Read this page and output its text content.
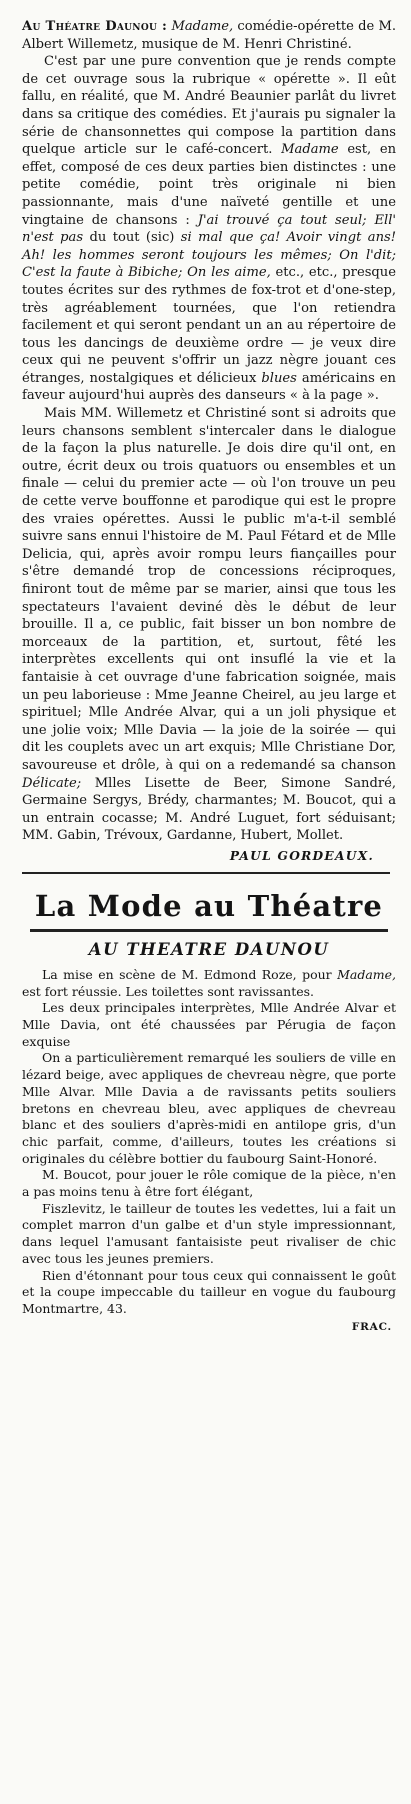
Au Théatre Daunou : Madame, comédie-opérette de M. Albert Willemetz, musique de M. Henri Christiné.

C'est par une pure convention que je rends compte de cet ouvrage sous la rubrique « opérette ». Il eût fallu, en réalité, que M. André Beaunier parlât du livret dans sa critique des comédies. Et j'aurais pu signaler la série de chansonnettes qui compose la partition dans quelque article sur le café-concert. Madame est, en effet, composé de ces deux parties bien distinctes : une petite comédie, point très originale ni bien passionnante, mais d'une naïveté gentille et une vingtaine de chansons : J'ai trouvé ça tout seul; Ell' n'est pas du tout (sic) si mal que ça! Avoir vingt ans! Ah! les hommes seront toujours les mêmes; On l'dit; C'est la faute à Bibiche; On les aime, etc., etc., presque toutes écrites sur des rythmes de fox-trot et d'one-step, très agréablement tournées, que l'on retiendra facilement et qui seront pendant un an au répertoire de tous les dancings de deuxième ordre — je veux dire ceux qui ne peuvent s'offrir un jazz nègre jouant ces étranges, nostalgiques et délicieux blues américains en faveur aujourd'hui auprès des danseurs « à la page ».

Mais MM. Willemetz et Christiné sont si adroits que leurs chansons semblent s'intercaler dans le dialogue de la façon la plus naturelle. Je dois dire qu'il ont, en outre, écrit deux ou trois quatuors ou ensembles et un finale — celui du premier acte — où l'on trouve un peu de cette verve bouffonne et parodique qui est le propre des vraies opérettes. Aussi le public m'a-t-il semblé suivre sans ennui l'histoire de M. Paul Fétard et de Mlle Delicia, qui, après avoir rompu leurs fiançailles pour s'être demandé trop de concessions réciproques, finiront tout de même par se marier, ainsi que tous les spectateurs l'avaient deviné dès le début de leur brouille. Il a, ce public, fait bisser un bon nombre de morceaux de la partition, et, surtout, fêté les interprètes excellents qui ont insuflé la vie et la fantaisie à cet ouvrage d'une fabrication soignée, mais un peu laborieuse : Mme Jeanne Cheirel, au jeu large et spirituel; Mlle Andrée Alvar, qui a un joli physique et une jolie voix; Mlle Davia — la joie de la soirée — qui dit les couplets avec un art exquis; Mlle Christiane Dor, savoureuse et drôle, à qui on a redemandé sa chanson Délicate; Mlles Lisette de Beer, Simone Sandré, Germaine Sergys, Brédy, charmantes; M. Boucot, qui a un entrain cocasse; M. André Luguet, fort séduisant; MM. Gabin, Trévoux, Gardanne, Hubert, Mollet.

PAUL GORDEAUX.
La Mode au Théatre
AU THEATRE DAUNOU

La mise en scène de M. Edmond Roze, pour Madame, est fort réussie. Les toilettes sont ravissantes.

Les deux principales interprètes, Mlle Andrée Alvar et Mlle Davia, ont été chaussées par Pérugia de façon exquise

On a particulièrement remarqué les souliers de ville en lézard beige, avec appliques de chevreau nègre, que porte Mlle Alvar. Mlle Davia a de ravissants petits souliers bretons en chevreau bleu, avec appliques de chevreau blanc et des souliers d'après-midi en antilope gris, d'un chic parfait, comme, d'ailleurs, toutes les créations si originales du célèbre bottier du faubourg Saint-Honoré.

M. Boucot, pour jouer le rôle comique de la pièce, n'en a pas moins tenu à être fort élégant,

Fiszlevitz, le tailleur de toutes les vedettes, lui a fait un complet marron d'un galbe et d'un style impressionnant, dans lequel l'amusant fantaisiste peut rivaliser de chic avec tous les jeunes premiers.

Rien d'étonnant pour tous ceux qui connaissent le goût et la coupe impeccable du tailleur en vogue du faubourg Montmartre, 43.

FRAC.
